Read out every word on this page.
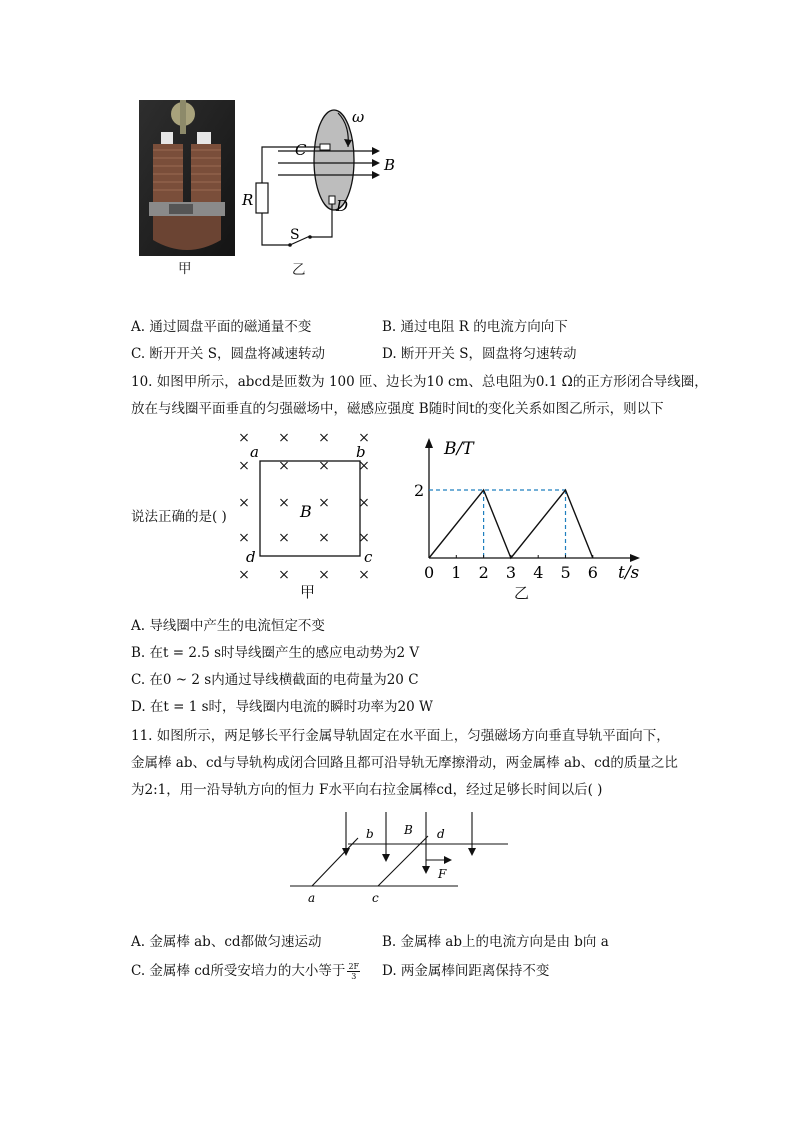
甲
C
D
R
S
B
ω
乙
A. 通过圆盘平面的磁通量不变	B. 通过电阻 R 的电流方向向下
C. 断开开关 S，圆盘将减速转动	D. 断开开关 S，圆盘将匀速转动
10. 如图甲所示，abcd是匝数为 100 匝、边长为10 cm、总电阻为0.1 Ω的正方形闭合导线圈，
放在与线圈平面垂直的匀强磁场中，磁感应强度 B随时间t的变化关系如图乙所示，则以下
说法正确的是( )
× × × ×
× × × ×
× × × ×
× × × ×
× × × ×
a	b
c
d
B
甲
0 1 2 3 4 5 6
2
B/T
t/s
乙
A. 导线圈中产生的电流恒定不变
B. 在t = 2.5 s时导线圈产生的感应电动势为2 V
C. 在0 ~ 2 s内通过导线横截面的电荷量为20 C
D. 在t = 1 s时，导线圈内电流的瞬时功率为20 W
11. 如图所示，两足够长平行金属导轨固定在水平面上，匀强磁场方向垂直导轨平面向下，
金属棒 ab、cd与导轨构成闭合回路且都可沿导轨无摩擦滑动，两金属棒 ab、cd的质量之比
为2:1，用一沿导轨方向的恒力 F水平向右拉金属棒cd，经过足够长时间以后( )
b	d
B
F
a	c
A. 金属棒 ab、cd都做匀速运动	B. 金属棒 ab上的电流方向是由 b向 a
C. 金属棒 cd所受安培力的大小等于 $\frac{2F}{3} D$. 两金属棒间距离保持不变
